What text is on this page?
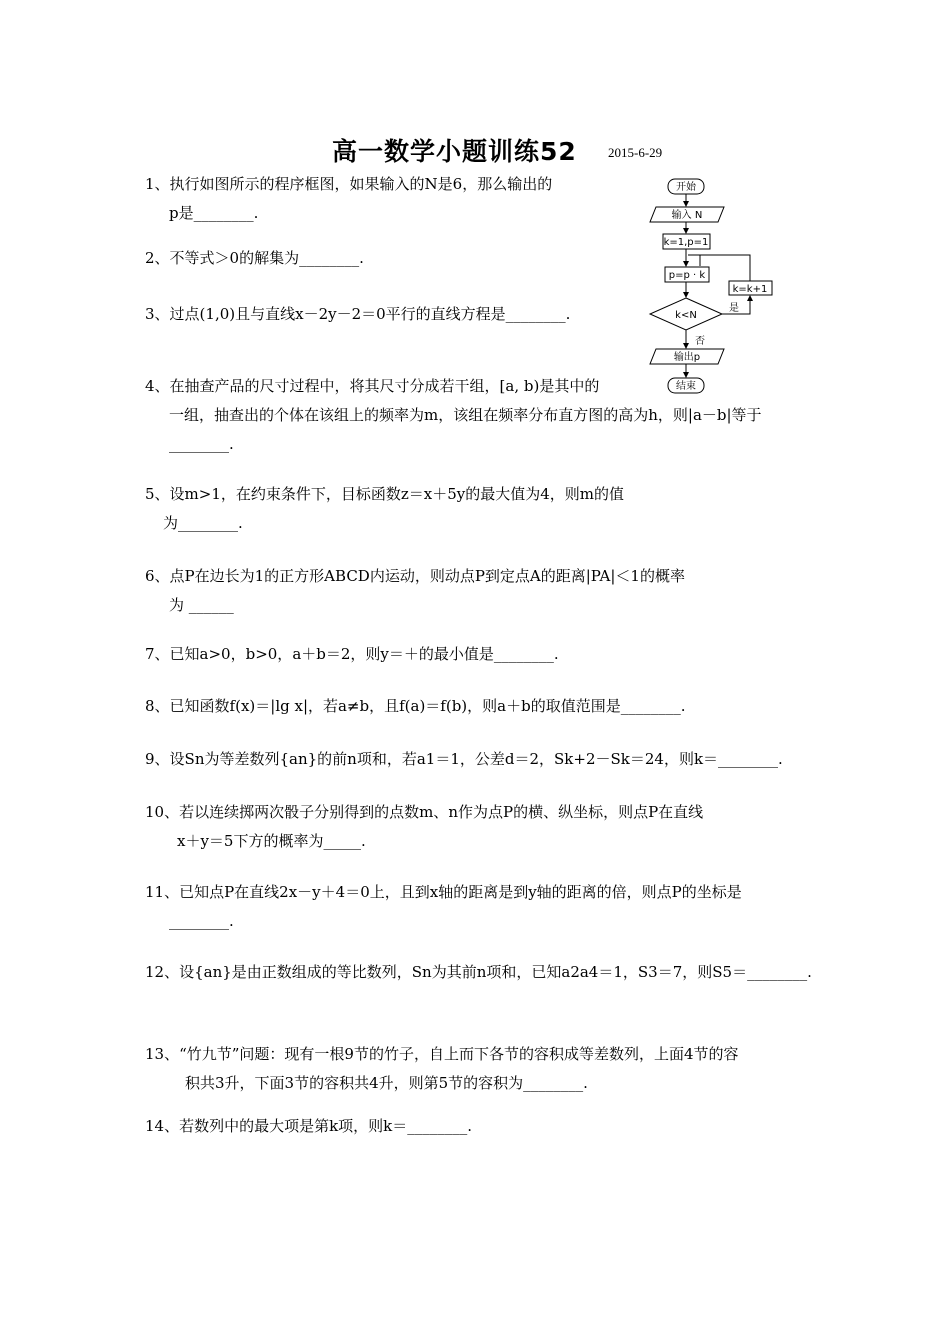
高一数学小题训练52 2015-6-29
开始
输入 N
k=1,p=1
p=p · k
k<N
k=k+1
是
否
输出p
结束
1、执行如图所示的程序框图，如果输入的N是6，那么输出的
p是________.
2、不等式＞0的解集为________.
3、过点(1,0)且与直线x－2y－2＝0平行的直线方程是________.
4、在抽查产品的尺寸过程中，将其尺寸分成若干组，[a, b)是其中的
一组，抽查出的个体在该组上的频率为m，该组在频率分布直方图的高为h，则|a－b|等于
________.
5、设m>1，在约束条件下，目标函数z＝x＋5y的最大值为4，则m的值
为________.
6、点P在边长为1的正方形ABCD内运动，则动点P到定点A的距离|PA|＜1的概率
为 ______
7、已知a>0，b>0，a＋b＝2，则y＝＋的最小值是________.
8、已知函数f(x)＝|lg x|，若a≠b，且f(a)＝f(b)，则a＋b的取值范围是________.
9、设Sn为等差数列{an}的前n项和，若a1＝1，公差d＝2，Sk+2－Sk＝24，则k＝________.
10、若以连续掷两次骰子分别得到的点数m、n作为点P的横、纵坐标，则点P在直线
x＋y＝5下方的概率为_____.
11、已知点P在直线2x－y＋4＝0上，且到x轴的距离是到y轴的距离的倍，则点P的坐标是
________.
12、设{an}是由正数组成的等比数列，Sn为其前n项和，已知a2a4＝1，S3＝7，则S5＝________.
13、“竹九节”问题：现有一根9节的竹子，自上而下各节的容积成等差数列，上面4节的容
积共3升，下面3节的容积共4升，则第5节的容积为________.
14、若数列中的最大项是第k项，则k＝________.
